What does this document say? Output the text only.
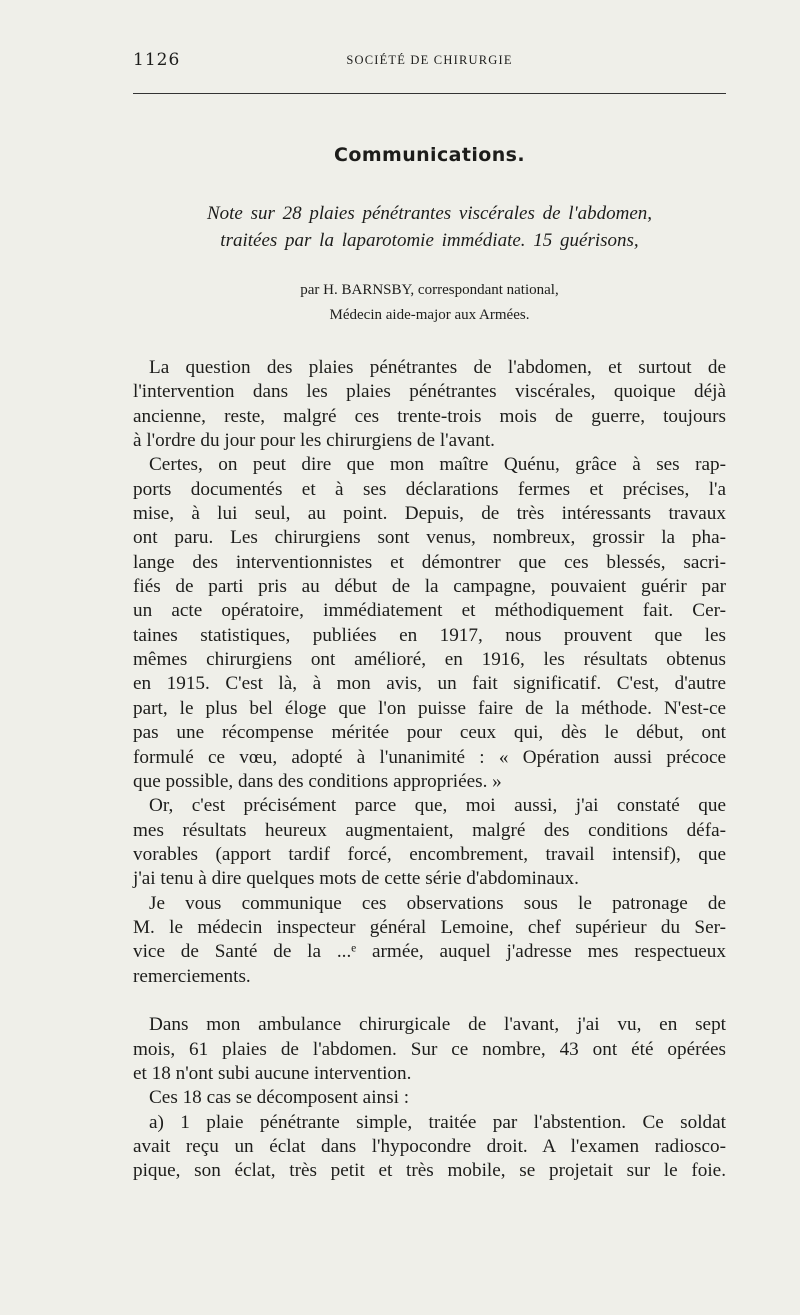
1126	SOCIÉTÉ DE CHIRURGIE
Communications.
Note sur 28 plaies pénétrantes viscérales de l'abdomen,
traitées par la laparotomie immédiate. 15 guérisons,
par H. BARNSBY, correspondant national,
Médecin aide-major aux Armées.
La question des plaies pénétrantes de l'abdomen, et surtout de
l'intervention dans les plaies pénétrantes viscérales, quoique déjà
ancienne, reste, malgré ces trente-trois mois de guerre, toujours
à l'ordre du jour pour les chirurgiens de l'avant.
Certes, on peut dire que mon maître Quénu, grâce à ses rap-
ports documentés et à ses déclarations fermes et précises, l'a
mise, à lui seul, au point. Depuis, de très intéressants travaux
ont paru. Les chirurgiens sont venus, nombreux, grossir la pha-
lange des interventionnistes et démontrer que ces blessés, sacri-
fiés de parti pris au début de la campagne, pouvaient guérir par
un acte opératoire, immédiatement et méthodiquement fait. Cer-
taines statistiques, publiées en 1917, nous prouvent que les
mêmes chirurgiens ont amélioré, en 1916, les résultats obtenus
en 1915. C'est là, à mon avis, un fait significatif. C'est, d'autre
part, le plus bel éloge que l'on puisse faire de la méthode. N'est-ce
pas une récompense méritée pour ceux qui, dès le début, ont
formulé ce vœu, adopté à l'unanimité : « Opération aussi précoce
que possible, dans des conditions appropriées. »
Or, c'est précisément parce que, moi aussi, j'ai constaté que
mes résultats heureux augmentaient, malgré des conditions défa-
vorables (apport tardif forcé, encombrement, travail intensif), que
j'ai tenu à dire quelques mots de cette série d'abdominaux.
Je vous communique ces observations sous le patronage de
M. le médecin inspecteur général Lemoine, chef supérieur du Ser-
vice de Santé de la ...ᵉ armée, auquel j'adresse mes respectueux
remerciements.
Dans mon ambulance chirurgicale de l'avant, j'ai vu, en sept
mois, 61 plaies de l'abdomen. Sur ce nombre, 43 ont été opérées
et 18 n'ont subi aucune intervention.
Ces 18 cas se décomposent ainsi :
a) 1 plaie pénétrante simple, traitée par l'abstention. Ce soldat
avait reçu un éclat dans l'hypocondre droit. A l'examen radiosco-
pique, son éclat, très petit et très mobile, se projetait sur le foie.
